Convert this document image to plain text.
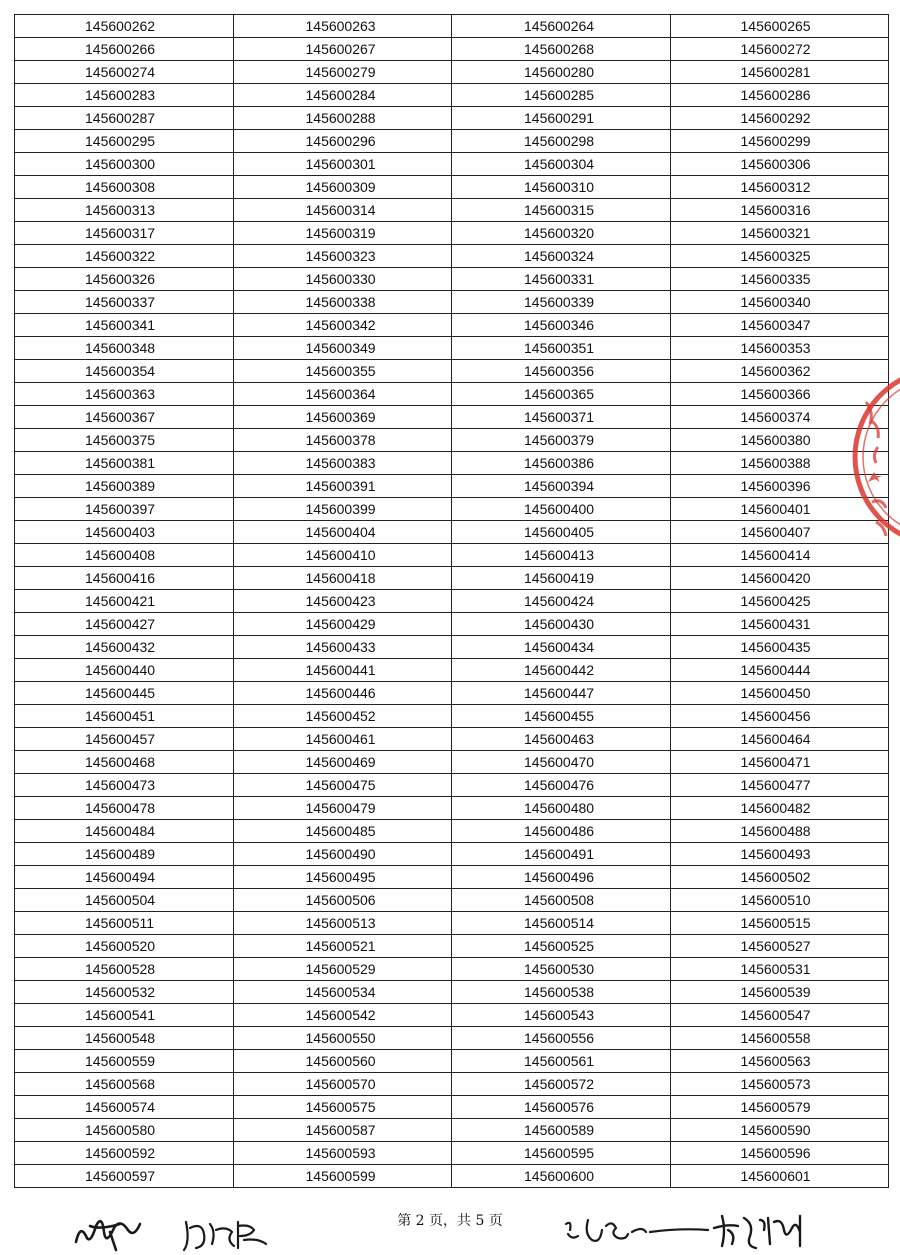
145600262	145600263	145600264	145600265
145600266	145600267	145600268	145600272
145600274	145600279	145600280	145600281
145600283	145600284	145600285	145600286
145600287	145600288	145600291	145600292
145600295	145600296	145600298	145600299
145600300	145600301	145600304	145600306
145600308	145600309	145600310	145600312
145600313	145600314	145600315	145600316
145600317	145600319	145600320	145600321
145600322	145600323	145600324	145600325
145600326	145600330	145600331	145600335
145600337	145600338	145600339	145600340
145600341	145600342	145600346	145600347
145600348	145600349	145600351	145600353
145600354	145600355	145600356	145600362
145600363	145600364	145600365	145600366
145600367	145600369	145600371	145600374
145600375	145600378	145600379	145600380
145600381	145600383	145600386	145600388
145600389	145600391	145600394	145600396
145600397	145600399	145600400	145600401
145600403	145600404	145600405	145600407
145600408	145600410	145600413	145600414
145600416	145600418	145600419	145600420
145600421	145600423	145600424	145600425
145600427	145600429	145600430	145600431
145600432	145600433	145600434	145600435
145600440	145600441	145600442	145600444
145600445	145600446	145600447	145600450
145600451	145600452	145600455	145600456
145600457	145600461	145600463	145600464
145600468	145600469	145600470	145600471
145600473	145600475	145600476	145600477
145600478	145600479	145600480	145600482
145600484	145600485	145600486	145600488
145600489	145600490	145600491	145600493
145600494	145600495	145600496	145600502
145600504	145600506	145600508	145600510
145600511	145600513	145600514	145600515
145600520	145600521	145600525	145600527
145600528	145600529	145600530	145600531
145600532	145600534	145600538	145600539
145600541	145600542	145600543	145600547
145600548	145600550	145600556	145600558
145600559	145600560	145600561	145600563
145600568	145600570	145600572	145600573
145600574	145600575	145600576	145600579
145600580	145600587	145600589	145600590
145600592	145600593	145600595	145600596
145600597	145600599	145600600	145600601
第 2 页，共 5 页
